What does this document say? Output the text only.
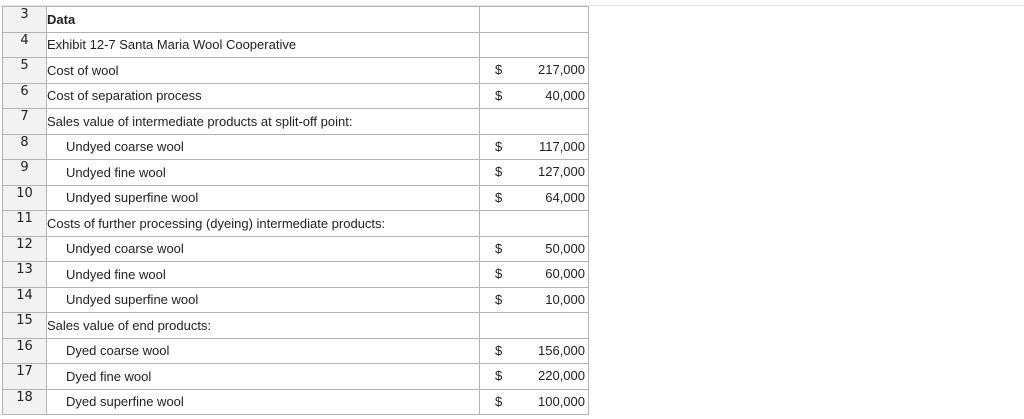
3	Data	

4	Exhibit 12-7 Santa Maria Wool Cooperative	

5	Cost of wool	$ 217,000

6	Cost of separation process	$ 40,000

7	Sales value of intermediate products at split-off point:	

8	Undyed coarse wool	$ 117,000

9	Undyed fine wool	$ 127,000

10	Undyed superfine wool	$ 64,000

11	Costs of further processing (dyeing) intermediate products:	

12	Undyed coarse wool	$ 50,000

13	Undyed fine wool	$ 60,000

14	Undyed superfine wool	$ 10,000

15	Sales value of end products:	

16	Dyed coarse wool	$ 156,000

17	Dyed fine wool	$ 220,000

18	Dyed superfine wool	$ 100,000
